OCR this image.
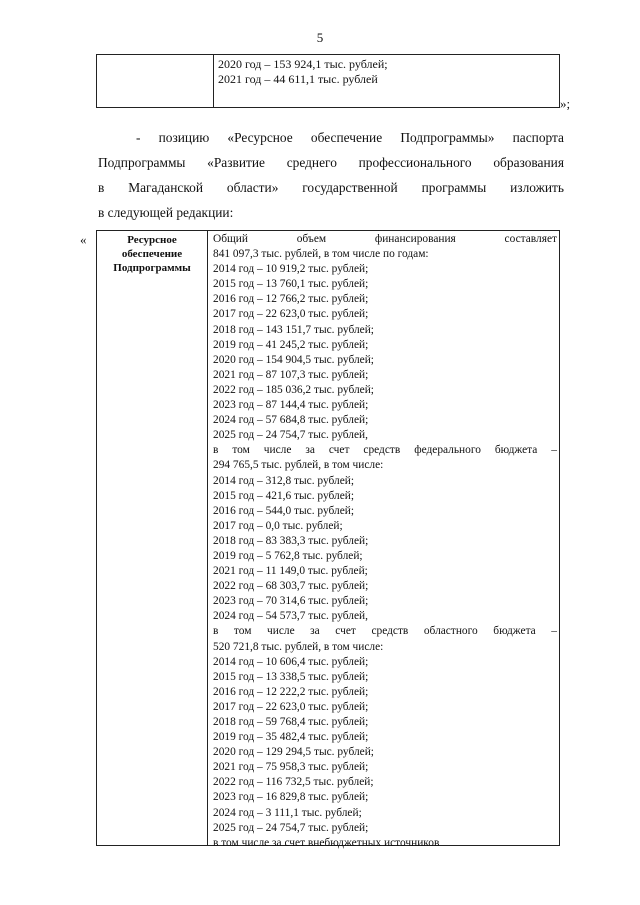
5
2020 год – 153 924,1 тыс. рублей;
2021 год – 44 611,1 тыс. рублей
»;
- позицию «Ресурсное обеспечение Подпрограммы» паспорта
Подпрограммы «Развитие среднего профессионального образования
в Магаданской области» государственной программы изложить
в следующей редакции:
«	Ресурсное
обеспечение
Подпрограммы
Общий объем финансирования составляет
841 097,3 тыс. рублей, в том числе по годам:
2014 год – 10 919,2 тыс. рублей;
2015 год – 13 760,1 тыс. рублей;
2016 год – 12 766,2 тыс. рублей;
2017 год – 22 623,0 тыс. рублей;
2018 год – 143 151,7 тыс. рублей;
2019 год – 41 245,2 тыс. рублей;
2020 год – 154 904,5 тыс. рублей;
2021 год – 87 107,3 тыс. рублей;
2022 год – 185 036,2 тыс. рублей;
2023 год – 87 144,4 тыс. рублей;
2024 год – 57 684,8 тыс. рублей;
2025 год – 24 754,7 тыс. рублей,
в том числе за счет средств федерального бюджета –
294 765,5 тыс. рублей, в том числе:
2014 год – 312,8 тыс. рублей;
2015 год – 421,6 тыс. рублей;
2016 год – 544,0 тыс. рублей;
2017 год – 0,0 тыс. рублей;
2018 год – 83 383,3 тыс. рублей;
2019 год – 5 762,8 тыс. рублей;
2021 год – 11 149,0 тыс. рублей;
2022 год – 68 303,7 тыс. рублей;
2023 год – 70 314,6 тыс. рублей;
2024 год – 54 573,7 тыс. рублей,
в том числе за счет средств областного бюджета –
520 721,8 тыс. рублей, в том числе:
2014 год – 10 606,4 тыс. рублей;
2015 год – 13 338,5 тыс. рублей;
2016 год – 12 222,2 тыс. рублей;
2017 год – 22 623,0 тыс. рублей;
2018 год – 59 768,4 тыс. рублей;
2019 год – 35 482,4 тыс. рублей;
2020 год – 129 294,5 тыс. рублей;
2021 год – 75 958,3 тыс. рублей;
2022 год – 116 732,5 тыс. рублей;
2023 год – 16 829,8 тыс. рублей;
2024 год – 3 111,1 тыс. рублей;
2025 год – 24 754,7 тыс. рублей;
в том числе за счет внебюджетных источников
